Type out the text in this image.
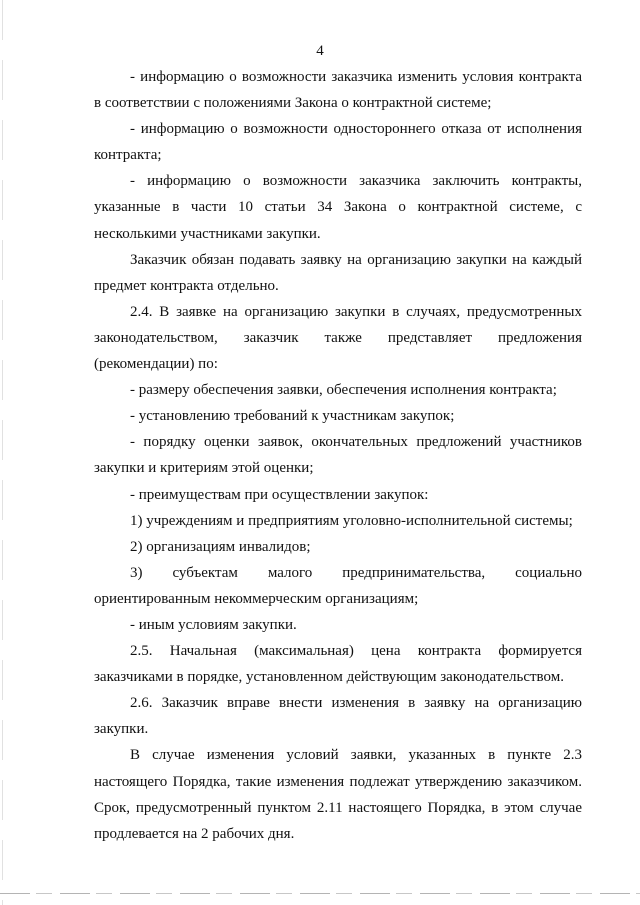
4

- информацию о возможности заказчика изменить условия контракта в соответствии с положениями Закона о контрактной системе;

- информацию о возможности одностороннего отказа от исполнения контракта;

- информацию о возможности заказчика заключить контракты, указанные в части 10 статьи 34 Закона о контрактной системе, с несколькими участниками закупки.

Заказчик обязан подавать заявку на организацию закупки на каждый предмет контракта отдельно.

2.4. В заявке на организацию закупки в случаях, предусмотренных законодательством, заказчик также представляет предложения (рекомендации) по:

- размеру обеспечения заявки, обеспечения исполнения контракта;

- установлению требований к участникам закупок;

- порядку оценки заявок, окончательных предложений участников закупки и критериям этой оценки;

- преимуществам при осуществлении закупок:

1) учреждениям и предприятиям уголовно-исполнительной системы;

2) организациям инвалидов;

3) субъектам малого предпринимательства, социально ориентированным некоммерческим организациям;

- иным условиям закупки.

2.5. Начальная (максимальная) цена контракта формируется заказчиками в порядке, установленном действующим законодательством.

2.6. Заказчик вправе внести изменения в заявку на организацию закупки.

В случае изменения условий заявки, указанных в пункте 2.3 настоящего Порядка, такие изменения подлежат утверждению заказчиком. Срок, предусмотренный пунктом 2.11 настоящего Порядка, в этом случае продлевается на 2 рабочих дня.
